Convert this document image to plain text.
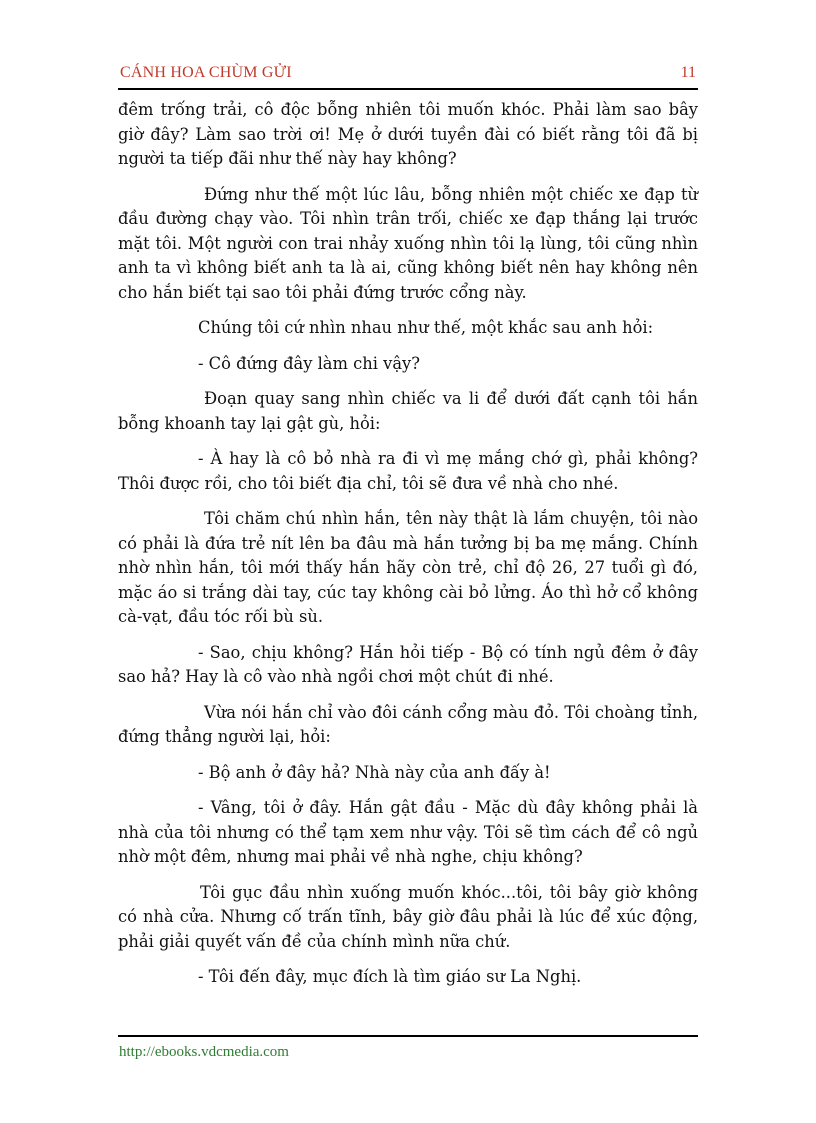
CÁNH HOA CHÙM GỬI	11

đêm trống trải, cô độc bỗng nhiên tôi muốn khóc. Phải làm sao bây giờ đây? Làm sao trời ơi! Mẹ ở dưới tuyền đài có biết rằng tôi đã bị người ta tiếp đãi như thế này hay không?

Đứng như thế một lúc lâu, bỗng nhiên một chiếc xe đạp từ đầu đường chạy vào. Tôi nhìn trân trối, chiếc xe đạp thắng lại trước mặt tôi. Một người con trai nhảy xuống nhìn tôi lạ lùng, tôi cũng nhìn anh ta vì không biết anh ta là ai, cũng không biết nên hay không nên cho hắn biết tại sao tôi phải đứng trước cổng này.

Chúng tôi cứ nhìn nhau như thế, một khắc sau anh hỏi:

- Cô đứng đây làm chi vậy?

Đoạn quay sang nhìn chiếc va li để dưới đất cạnh tôi hắn bỗng khoanh tay lại gật gù, hỏi:

- À hay là cô bỏ nhà ra đi vì mẹ mắng chớ gì, phải không? Thôi được rồi, cho tôi biết địa chỉ, tôi sẽ đưa về nhà cho nhé.

Tôi chăm chú nhìn hắn, tên này thật là lắm chuyện, tôi nào có phải là đứa trẻ nít lên ba đâu mà hắn tưởng bị ba mẹ mắng. Chính nhờ nhìn hắn, tôi mới thấy hắn hãy còn trẻ, chỉ độ 26, 27 tuổi gì đó, mặc áo si trắng dài tay, cúc tay không cài bỏ lửng. Áo thì hở cổ không cà-vạt, đầu tóc rối bù sù.

- Sao, chịu không? Hắn hỏi tiếp - Bộ có tính ngủ đêm ở đây sao hả? Hay là cô vào nhà ngồi chơi một chút đi nhé.

Vừa nói hắn chỉ vào đôi cánh cổng màu đỏ. Tôi choàng tỉnh, đứng thẳng người lại, hỏi:

- Bộ anh ở đây hả? Nhà này của anh đấy à!

- Vâng, tôi ở đây. Hắn gật đầu - Mặc dù đây không phải là nhà của tôi nhưng có thể tạm xem như vậy. Tôi sẽ tìm cách để cô ngủ nhờ một đêm, nhưng mai phải về nhà nghe, chịu không?

Tôi gục đầu nhìn xuống muốn khóc...tôi, tôi bây giờ không có nhà cửa. Nhưng cố trấn tĩnh, bây giờ đâu phải là lúc để xúc động, phải giải quyết vấn đề của chính mình nữa chứ.

- Tôi đến đây, mục đích là tìm giáo sư La Nghị.

http://ebooks.vdcmedia.com
